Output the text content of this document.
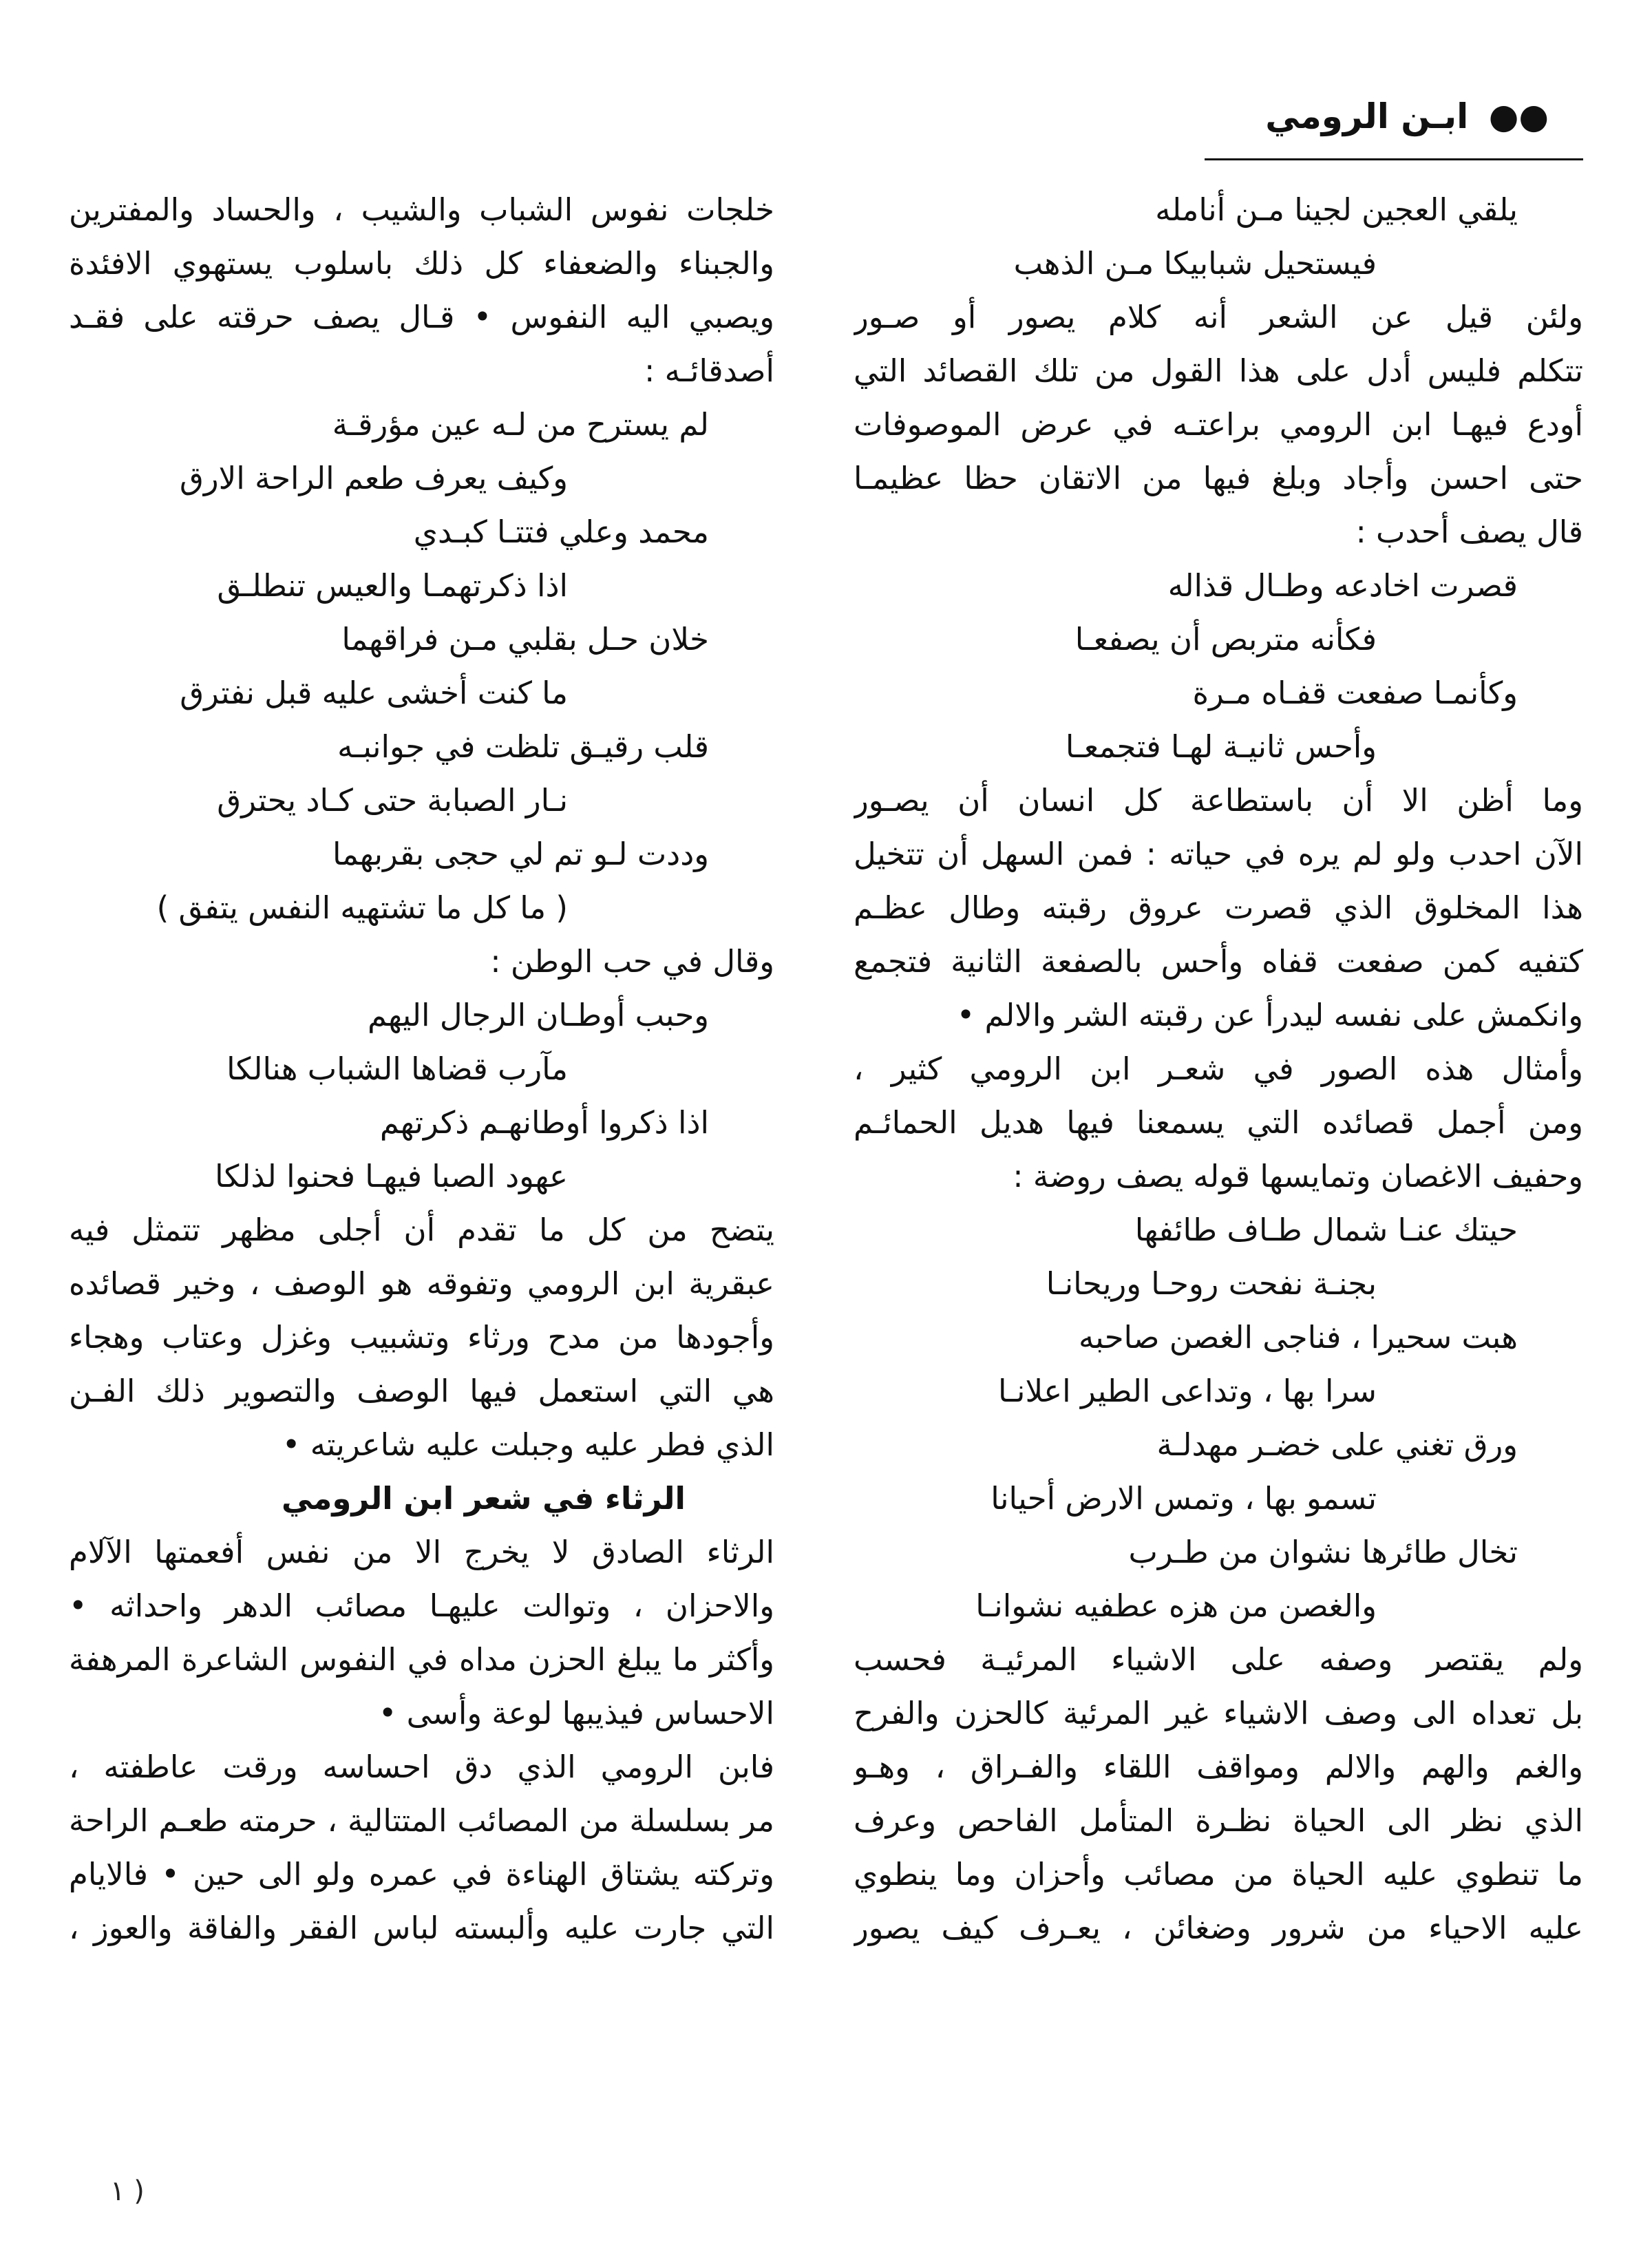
●● ابـن الرومي
يلقي العجين لجينا مـن أنامله
فيستحيل شبابيكا مـن الذهب
ولئن قيل عن الشعر أنه كلام يصور أو صـور
تتكلم فليس أدل على هذا القول من تلك القصائد التي
أودع فيهـا ابن الرومي براعتـه في عرض الموصوفات
حتى احسن وأجاد وبلغ فيها من الاتقان حظا عظيمـا
قال يصف أحدب :
قصرت اخادعه وطـال قذاله
فكأنه متربص أن يصفعـا
وكأنمـا صفعت قفـاه مـرة
وأحس ثانيـة لهـا فتجمعـا
وما أظن الا أن باستطاعة كل انسان أن يصـور
الآن احدب ولو لم يره في حياته : فمن السهل أن تتخيل
هذا المخلوق الذي قصرت عروق رقبته وطال عظـم
كتفيه كمن صفعت قفاه وأحس بالصفعة الثانية فتجمع
وانكمش على نفسه ليدرأ عن رقبته الشر والالم •
وأمثال هذه الصور في شعـر ابن الرومي كثير ،
ومن أجمل قصائده التي يسمعنا فيها هديل الحمائـم
وحفيف الاغصان وتمايسها قوله يصف روضة :
حيتك عنـا شمال طـاف طائفها
بجنـة نفحت روحـا وريحانـا
هبت سحيرا ، فناجى الغصن صاحبه
سرا بها ، وتداعى الطير اعلانـا
ورق تغني على خضـر مهدلـة
تسمو بها ، وتمس الارض أحيانا
تخال طائرها نشوان من طـرب
والغصن من هزه عطفيه نشوانـا
ولم يقتصر وصفه على الاشياء المرئيـة فحسب
بل تعداه الى وصف الاشياء غير المرئية كالحزن والفرح
والغم والهم والالم ومواقف اللقاء والفـراق ، وهـو
الذي نظر الى الحياة نظـرة المتأمل الفاحص وعرف
ما تنطوي عليه الحياة من مصائب وأحزان وما ينطوي
عليه الاحياء من شرور وضغائن ، يعـرف كيف يصور
خلجات نفوس الشباب والشيب ، والحساد والمفترين
والجبناء والضعفاء كل ذلك باسلوب يستهوي الافئدة
ويصبي اليه النفوس • قـال يصف حرقته على فقـد
أصدقائـه :
لم يسترح من لـه عين مؤرقـة
وكيف يعرف طعم الراحة الارق
محمد وعلي فتتـا كبـدي
اذا ذكرتهمـا والعيس تنطلـق
خلان حـل بقلبي مـن فراقهما
ما كنت أخشى عليه قبل نفترق
قلب رقيـق تلظت في جوانبـه
نـار الصبابة حتى كـاد يحترق
وددت لـو تم لي حجى بقربهما
( ما كل ما تشتهيه النفس يتفق )
وقال في حب الوطن :
وحبب أوطـان الرجال اليهم
مآرب قضاها الشباب هنالكا
اذا ذكروا أوطانهـم ذكرتهم
عهود الصبا فيهـا فحنوا لذلكا
يتضح من كل ما تقدم أن أجلى مظهر تتمثل فيه
عبقرية ابن الرومي وتفوقه هو الوصف ، وخير قصائده
وأجودها من مدح ورثاء وتشبيب وغزل وعتاب وهجاء
هي التي استعمل فيها الوصف والتصوير ذلك الفـن
الذي فطر عليه وجبلت عليه شاعريته •
الرثاء في شعر ابن الرومي
الرثاء الصادق لا يخرج الا من نفس أفعمتها الآلام
والاحزان ، وتوالت عليهـا مصائب الدهر واحداثه •
وأكثر ما يبلغ الحزن مداه في النفوس الشاعرة المرهفة
الاحساس فيذيبها لوعة وأسى •
فابن الرومي الذي دق احساسه ورقت عاطفته ،
مر بسلسلة من المصائب المتتالية ، حرمته طعـم الراحة
وتركته يشتاق الهناءة في عمره ولو الى حين • فالايام
التي جارت عليه وألبسته لباس الفقر والفاقة والعوز ،
( ١
